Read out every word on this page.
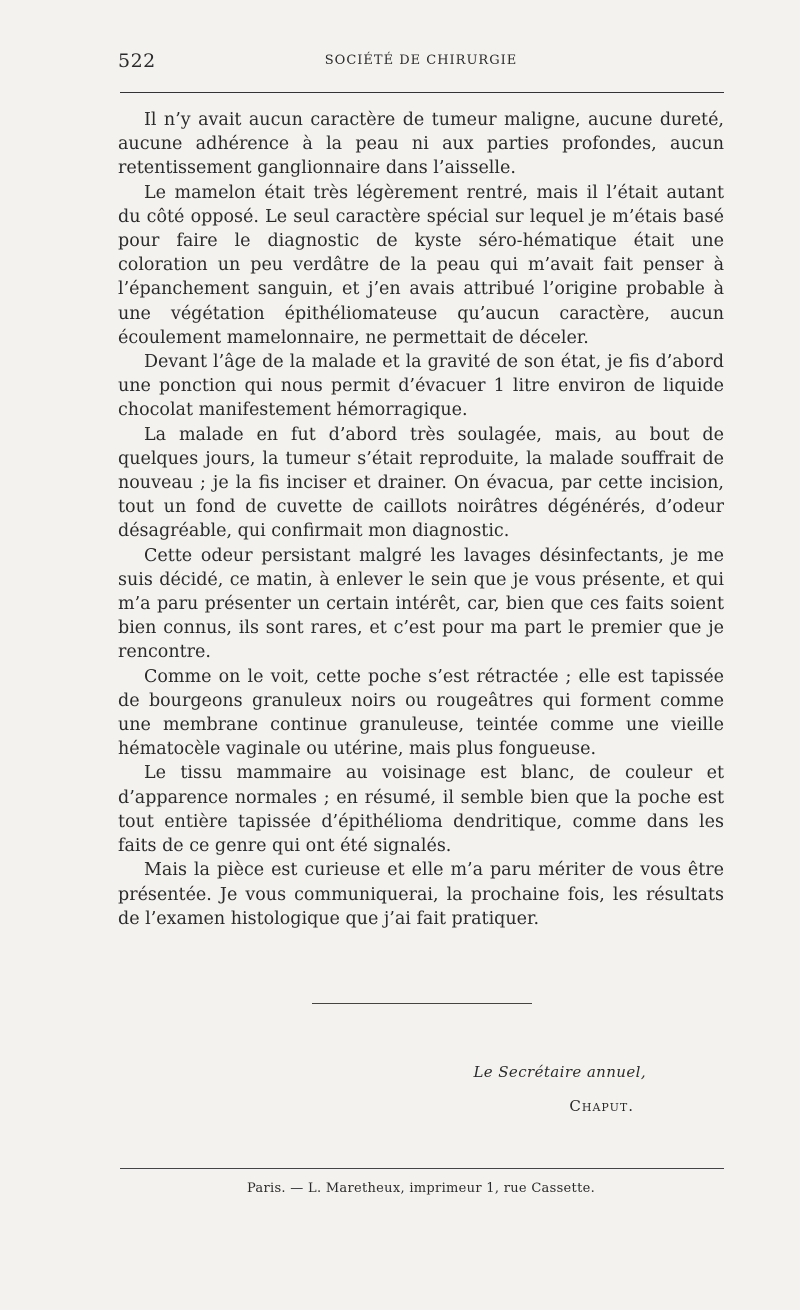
522	SOCIÉTÉ DE CHIRURGIE

Il n’y avait aucun caractère de tumeur maligne, aucune dureté, aucune adhérence à la peau ni aux parties profondes, aucun retentissement ganglionnaire dans l’aisselle.

Le mamelon était très légèrement rentré, mais il l’était autant du côté opposé. Le seul caractère spécial sur lequel je m’étais basé pour faire le diagnostic de kyste séro-hématique était une coloration un peu verdâtre de la peau qui m’avait fait penser à l’épanchement sanguin, et j’en avais attribué l’origine probable à une végétation épithéliomateuse qu’aucun caractère, aucun écoulement mamelonnaire, ne permettait de déceler.

Devant l’âge de la malade et la gravité de son état, je fis d’abord une ponction qui nous permit d’évacuer 1 litre environ de liquide chocolat manifestement hémorragique.

La malade en fut d’abord très soulagée, mais, au bout de quelques jours, la tumeur s’était reproduite, la malade souffrait de nouveau ; je la fis inciser et drainer. On évacua, par cette incision, tout un fond de cuvette de caillots noirâtres dégénérés, d’odeur désagréable, qui confirmait mon diagnostic.

Cette odeur persistant malgré les lavages désinfectants, je me suis décidé, ce matin, à enlever le sein que je vous présente, et qui m’a paru présenter un certain intérêt, car, bien que ces faits soient bien connus, ils sont rares, et c’est pour ma part le premier que je rencontre.

Comme on le voit, cette poche s’est rétractée ; elle est tapissée de bourgeons granuleux noirs ou rougeâtres qui forment comme une membrane continue granuleuse, teintée comme une vieille hématocèle vaginale ou utérine, mais plus fongueuse.

Le tissu mammaire au voisinage est blanc, de couleur et d’apparence normales ; en résumé, il semble bien que la poche est tout entière tapissée d’épithélioma dendritique, comme dans les faits de ce genre qui ont été signalés.

Mais la pièce est curieuse et elle m’a paru mériter de vous être présentée. Je vous communiquerai, la prochaine fois, les résultats de l’examen histologique que j’ai fait pratiquer.

Le Secrétaire annuel,
Chaput.
Paris. — L. Maretheux, imprimeur 1, rue Cassette.
